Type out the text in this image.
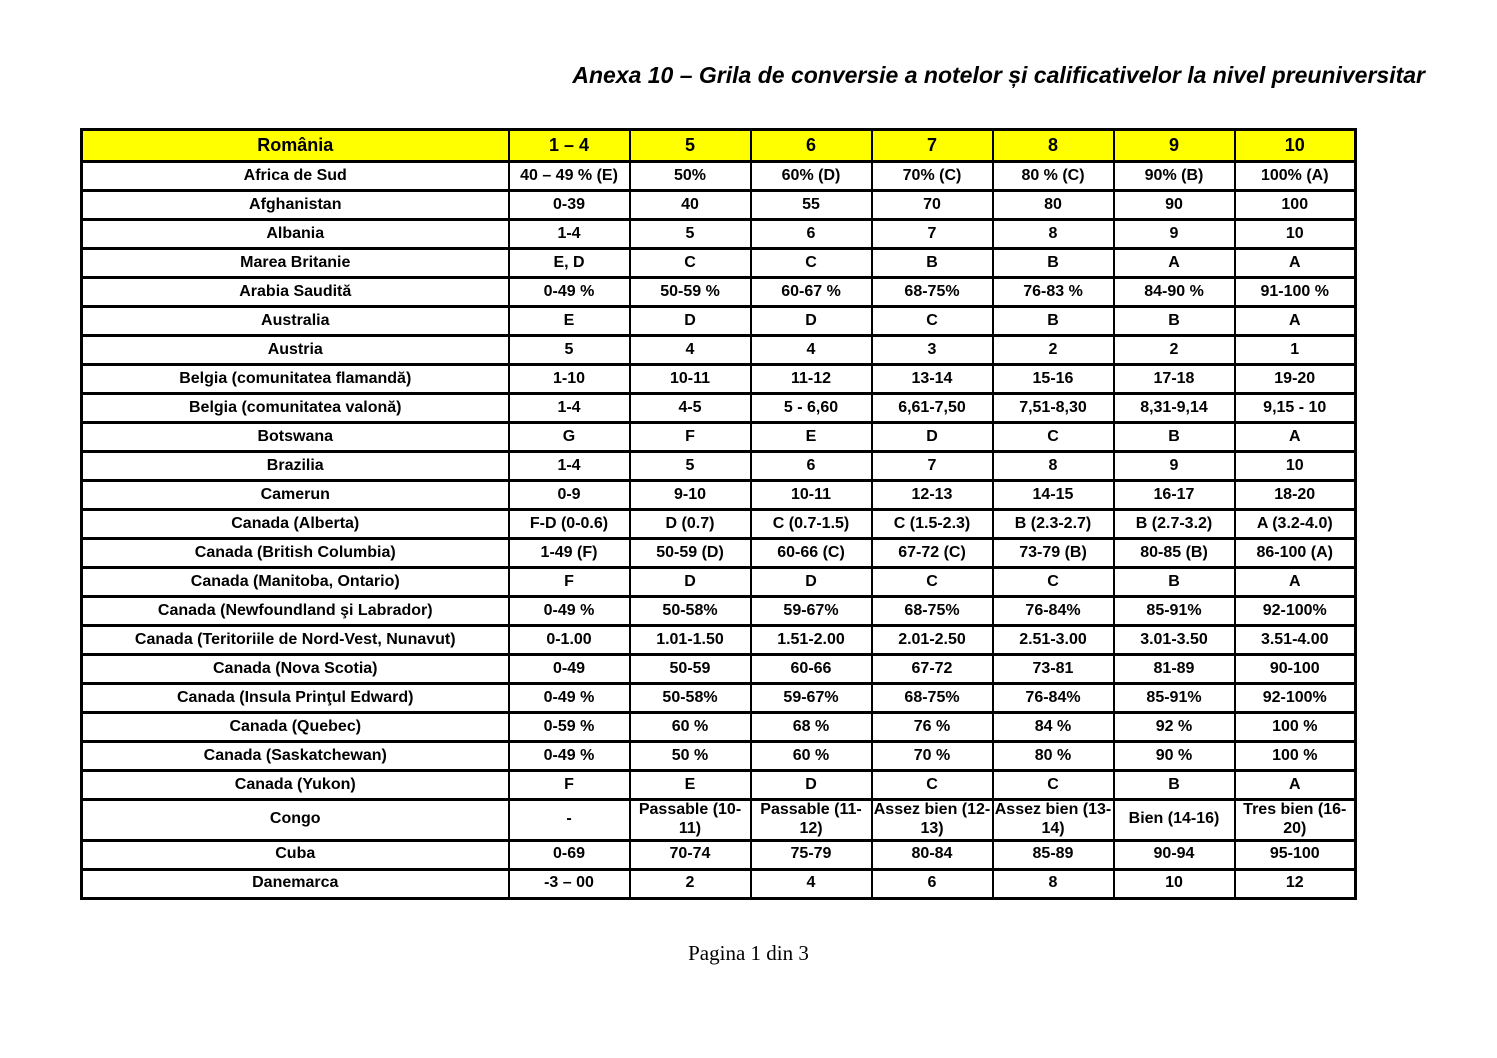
Anexa 10 – Grila de conversie a notelor și calificativelor la nivel preuniversitar
România	1 – 4	5	6	7	8	9	10
Africa de Sud	40 – 49 % (E)	50%	60% (D)	70% (C)	80 % (C)	90% (B)	100% (A)
Afghanistan	0-39	40	55	70	80	90	100
Albania	1-4	5	6	7	8	9	10
Marea Britanie	E, D	C	C	B	B	A	A
Arabia Saudită	0-49 %	50-59 %	60-67 %	68-75%	76-83 %	84-90 %	91-100 %
Australia	E	D	D	C	B	B	A
Austria	5	4	4	3	2	2	1
Belgia (comunitatea flamandă)	1-10	10-11	11-12	13-14	15-16	17-18	19-20
Belgia (comunitatea valonă)	1-4	4-5	5 - 6,60	6,61-7,50	7,51-8,30	8,31-9,14	9,15 - 10
Botswana	G	F	E	D	C	B	A
Brazilia	1-4	5	6	7	8	9	10
Camerun	0-9	9-10	10-11	12-13	14-15	16-17	18-20
Canada (Alberta)	F-D (0-0.6)	D (0.7)	C (0.7-1.5)	C (1.5-2.3)	B (2.3-2.7)	B (2.7-3.2)	A (3.2-4.0)
Canada (British Columbia)	1-49 (F)	50-59 (D)	60-66 (C)	67-72 (C)	73-79 (B)	80-85 (B)	86-100 (A)
Canada (Manitoba, Ontario)	F	D	D	C	C	B	A
Canada (Newfoundland şi Labrador)	0-49 %	50-58%	59-67%	68-75%	76-84%	85-91%	92-100%
Canada (Teritoriile de Nord-Vest, Nunavut)	0-1.00	1.01-1.50	1.51-2.00	2.01-2.50	2.51-3.00	3.01-3.50	3.51-4.00
Canada (Nova Scotia)	0-49	50-59	60-66	67-72	73-81	81-89	90-100
Canada (Insula Prinţul Edward)	0-49 %	50-58%	59-67%	68-75%	76-84%	85-91%	92-100%
Canada (Quebec)	0-59 %	60 %	68 %	76 %	84 %	92 %	100 %
Canada (Saskatchewan)	0-49 %	50 %	60 %	70 %	80 %	90 %	100 %
Canada (Yukon)	F	E	D	C	C	B	A
Congo	-	Passable (10-11)	Passable (11-12)	Assez bien (12-13)	Assez bien (13-14)	Bien (14-16)	Tres bien (16-20)
Cuba	0-69	70-74	75-79	80-84	85-89	90-94	95-100
Danemarca	-3 – 00	2	4	6	8	10	12
Pagina 1 din 3
